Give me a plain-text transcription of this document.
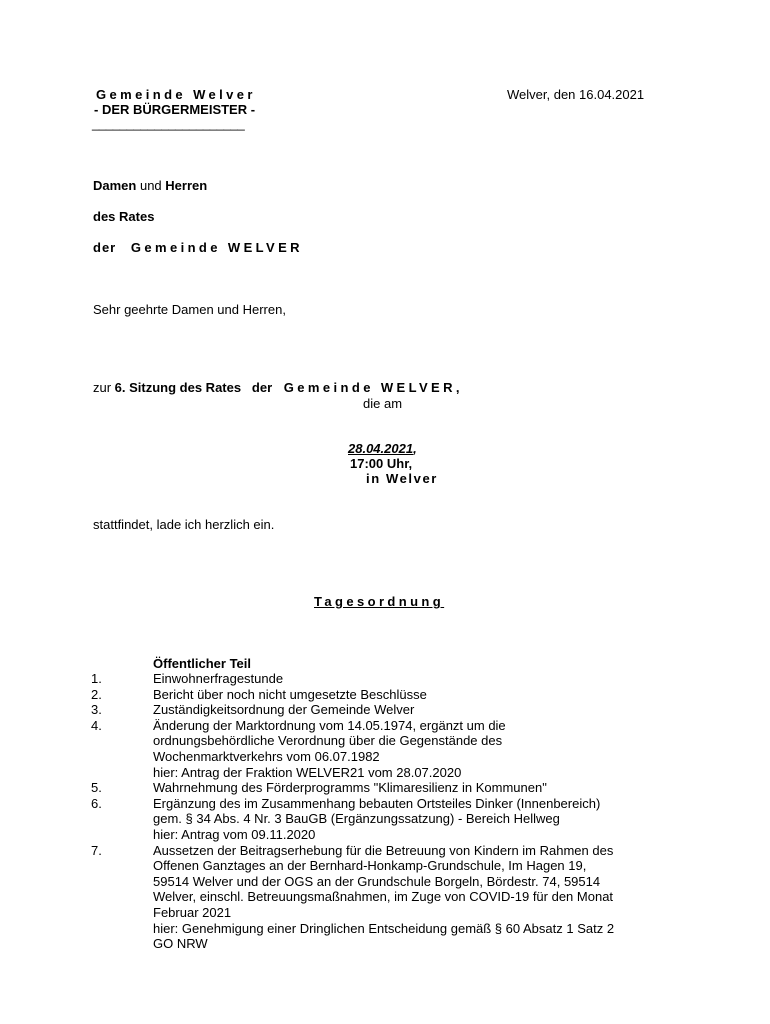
Gemeinde Welver
- DER BÜRGERMEISTER -
______________________
Welver, den 16.04.2021
Damen und Herren
des Rates
der Gemeinde WELVER
Sehr geehrte Damen und Herren,
zur 6. Sitzung des Rates   der Gemeinde WELVER,
die am
28.04.2021,
17:00 Uhr,
in Welver
stattfindet, lade ich herzlich ein.
Tagesordnung
Öffentlicher Teil
1.	Einwohnerfragestunde
2.	Bericht über noch nicht umgesetzte Beschlüsse
3.	Zuständigkeitsordnung der Gemeinde Welver
4.	Änderung der Marktordnung vom 14.05.1974, ergänzt um die
ordnungsbehördliche Verordnung über die Gegenstände des
Wochenmarktverkehrs vom 06.07.1982
hier: Antrag der Fraktion WELVER21 vom 28.07.2020
5.	Wahrnehmung des Förderprogramms "Klimaresilienz in Kommunen"
6.	Ergänzung des im Zusammenhang bebauten Ortsteiles Dinker (Innenbereich)
gem. § 34 Abs. 4 Nr. 3 BauGB (Ergänzungssatzung) - Bereich Hellweg
hier: Antrag vom 09.11.2020
7.	Aussetzen der Beitragserhebung für die Betreuung von Kindern im Rahmen des
Offenen Ganztages an der Bernhard-Honkamp-Grundschule, Im Hagen 19,
59514 Welver und der OGS an der Grundschule Borgeln, Bördestr. 74, 59514
Welver, einschl. Betreuungsmaßnahmen, im Zuge von COVID-19 für den Monat
Februar 2021
hier: Genehmigung einer Dringlichen Entscheidung gemäß § 60 Absatz 1 Satz 2
GO NRW
